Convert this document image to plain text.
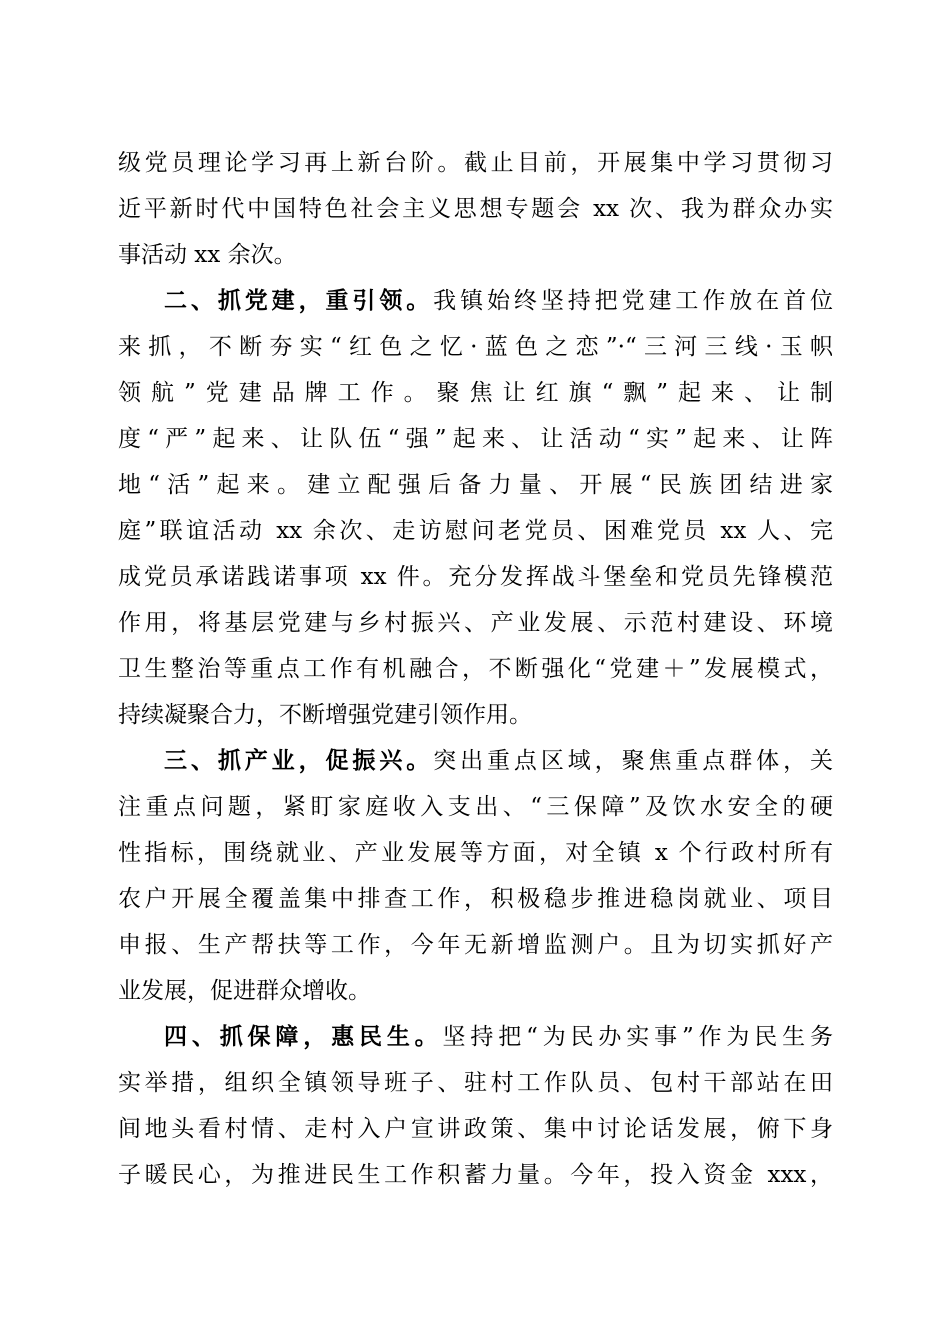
级党员理论学习再上新台阶。截止目前，开展集中学习贯彻习
近平新时代中国特色社会主义思想专题会 xx 次、我为群众办实
事活动 xx 余次。
二、抓党建，重引领。我镇始终坚持把党建工作放在首位
来抓，不断夯实“红色之忆·蓝色之恋”·“三河三线·玉帜
领航”党建品牌工作。聚焦让红旗“飘”起来、让制
度“严”起来、让队伍“强”起来、让活动“实”起来、让阵
地“活”起来。建立配强后备力量、开展“民族团结进家
庭”联谊活动 xx 余次、走访慰问老党员、困难党员 xx 人、完
成党员承诺践诺事项 xx 件。充分发挥战斗堡垒和党员先锋模范
作用，将基层党建与乡村振兴、产业发展、示范村建设、环境
卫生整治等重点工作有机融合，不断强化“党建＋”发展模式，
持续凝聚合力，不断增强党建引领作用。
三、抓产业，促振兴。突出重点区域，聚焦重点群体，关
注重点问题，紧盯家庭收入支出、“三保障”及饮水安全的硬
性指标，围绕就业、产业发展等方面，对全镇 x 个行政村所有
农户开展全覆盖集中排查工作，积极稳步推进稳岗就业、项目
申报、生产帮扶等工作，今年无新增监测户。且为切实抓好产
业发展，促进群众增收。
四、抓保障，惠民生。坚持把“为民办实事”作为民生务
实举措，组织全镇领导班子、驻村工作队员、包村干部站在田
间地头看村情、走村入户宣讲政策、集中讨论话发展，俯下身
子暖民心，为推进民生工作积蓄力量。今年，投入资金 xxx，
